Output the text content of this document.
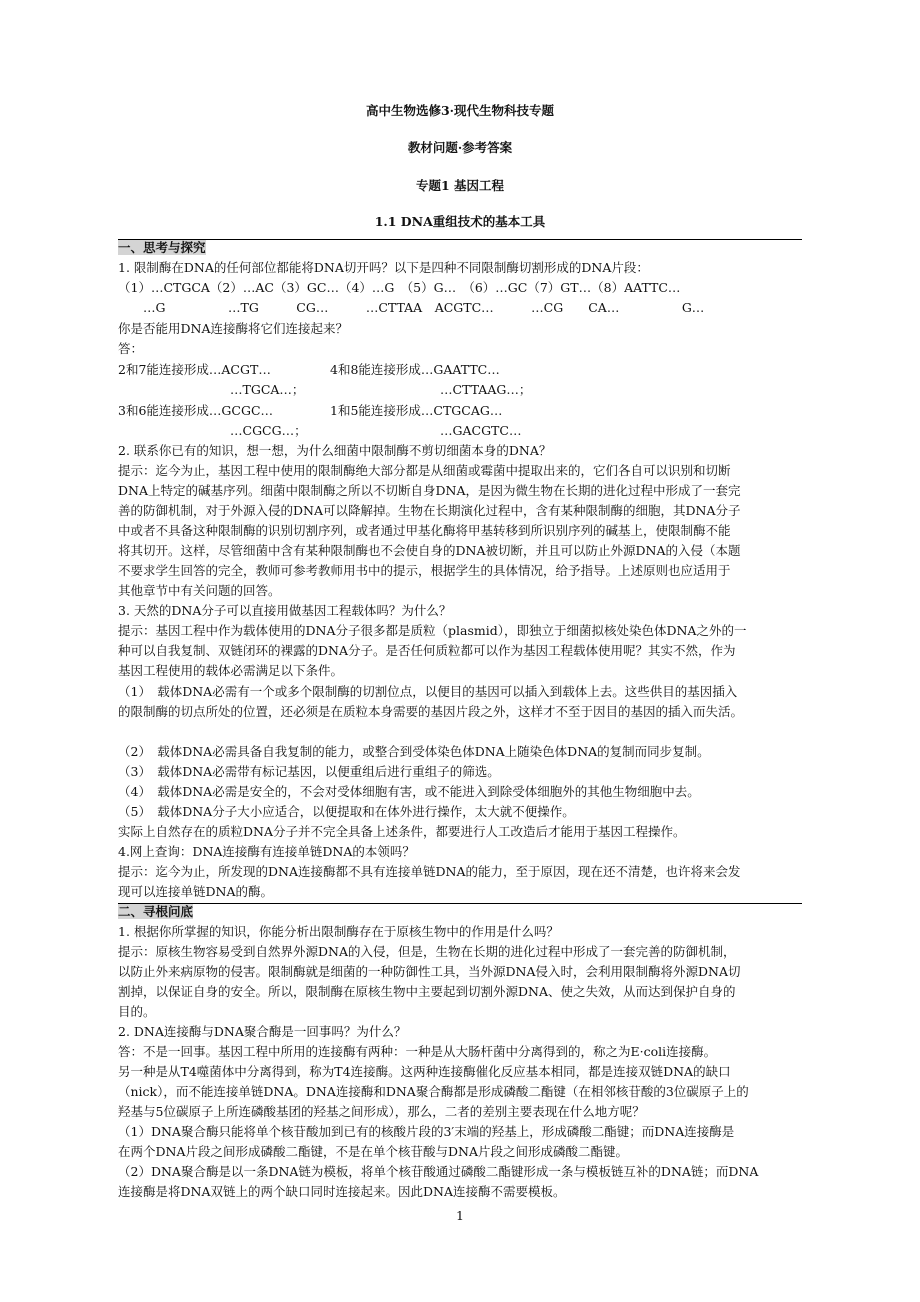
高中生物选修3·现代生物科技专题
教材问题·参考答案
专题1 基因工程
1.1 DNA重组技术的基本工具
一、思考与探究
1. 限制酶在DNA的任何部位都能将DNA切开吗？以下是四种不同限制酶切割形成的DNA片段：
（1）…CTGCA（2）…AC（3）GC…（4）…G　（5）G…　（6）…GC（7）GT…（8）AATTC…
　　…G　　　　　…TG　　　CG…　　　…CTTAA　ACGTC…　　　…CG　　CA…　　　　　G…
你是否能用DNA连接酶将它们连接起来？
答：
2和7能连接形成…ACGT…
…TGCA…；
4和8能连接形成…GAATTC…
…CTTAAG…；
3和6能连接形成…GCGC…
…CGCG…；
1和5能连接形成…CTGCAG…
…GACGTC…
2. 联系你已有的知识，想一想，为什么细菌中限制酶不剪切细菌本身的DNA？
提示：迄今为止，基因工程中使用的限制酶绝大部分都是从细菌或霉菌中提取出来的，它们各自可以识别和切断
DNA上特定的碱基序列。细菌中限制酶之所以不切断自身DNA，是因为微生物在长期的进化过程中形成了一套完
善的防御机制，对于外源入侵的DNA可以降解掉。生物在长期演化过程中，含有某种限制酶的细胞，其DNA分子
中或者不具备这种限制酶的识别切割序列，或者通过甲基化酶将甲基转移到所识别序列的碱基上，使限制酶不能
将其切开。这样，尽管细菌中含有某种限制酶也不会使自身的DNA被切断，并且可以防止外源DNA的入侵（本题
不要求学生回答的完全，教师可参考教师用书中的提示，根据学生的具体情况，给予指导。上述原则也应适用于
其他章节中有关问题的回答。
3. 天然的DNA分子可以直接用做基因工程载体吗？为什么？
提示：基因工程中作为载体使用的DNA分子很多都是质粒（plasmid），即独立于细菌拟核处染色体DNA之外的一
种可以自我复制、双链闭环的裸露的DNA分子。是否任何质粒都可以作为基因工程载体使用呢？其实不然，作为
基因工程使用的载体必需满足以下条件。
（1）　载体DNA必需有一个或多个限制酶的切割位点，以便目的基因可以插入到载体上去。这些供目的基因插入
的限制酶的切点所处的位置，还必须是在质粒本身需要的基因片段之外，这样才不至于因目的基因的插入而失活。
（2）　载体DNA必需具备自我复制的能力，或整合到受体染色体DNA上随染色体DNA的复制而同步复制。
（3）　载体DNA必需带有标记基因，以便重组后进行重组子的筛选。
（4）　载体DNA必需是安全的，不会对受体细胞有害，或不能进入到除受体细胞外的其他生物细胞中去。
（5）　载体DNA分子大小应适合，以便提取和在体外进行操作，太大就不便操作。
实际上自然存在的质粒DNA分子并不完全具备上述条件，都要进行人工改造后才能用于基因工程操作。
4.网上查询：DNA连接酶有连接单链DNA的本领吗？
提示：迄今为止，所发现的DNA连接酶都不具有连接单链DNA的能力，至于原因，现在还不清楚，也许将来会发
现可以连接单链DNA的酶。
二、寻根问底
1. 根据你所掌握的知识，你能分析出限制酶存在于原核生物中的作用是什么吗？
提示：原核生物容易受到自然界外源DNA的入侵，但是，生物在长期的进化过程中形成了一套完善的防御机制，
以防止外来病原物的侵害。限制酶就是细菌的一种防御性工具，当外源DNA侵入时，会利用限制酶将外源DNA切
割掉，以保证自身的安全。所以，限制酶在原核生物中主要起到切割外源DNA、使之失效，从而达到保护自身的
目的。
2. DNA连接酶与DNA聚合酶是一回事吗？为什么？
答：不是一回事。基因工程中所用的连接酶有两种：一种是从大肠杆菌中分离得到的，称之为E·coli连接酶。
另一种是从T4噬菌体中分离得到，称为T4连接酶。这两种连接酶催化反应基本相同，都是连接双链DNA的缺口
（nick），而不能连接单链DNA。DNA连接酶和DNA聚合酶都是形成磷酸二酯键（在相邻核苷酸的3位碳原子上的
羟基与5位碳原子上所连磷酸基团的羟基之间形成），那么，二者的差别主要表现在什么地方呢？
（1）DNA聚合酶只能将单个核苷酸加到已有的核酸片段的3′末端的羟基上，形成磷酸二酯键；而DNA连接酶是
在两个DNA片段之间形成磷酸二酯键，不是在单个核苷酸与DNA片段之间形成磷酸二酯键。
（2）DNA聚合酶是以一条DNA链为模板，将单个核苷酸通过磷酸二酯键形成一条与模板链互补的DNA链；而DNA
连接酶是将DNA双链上的两个缺口同时连接起来。因此DNA连接酶不需要模板。
1
